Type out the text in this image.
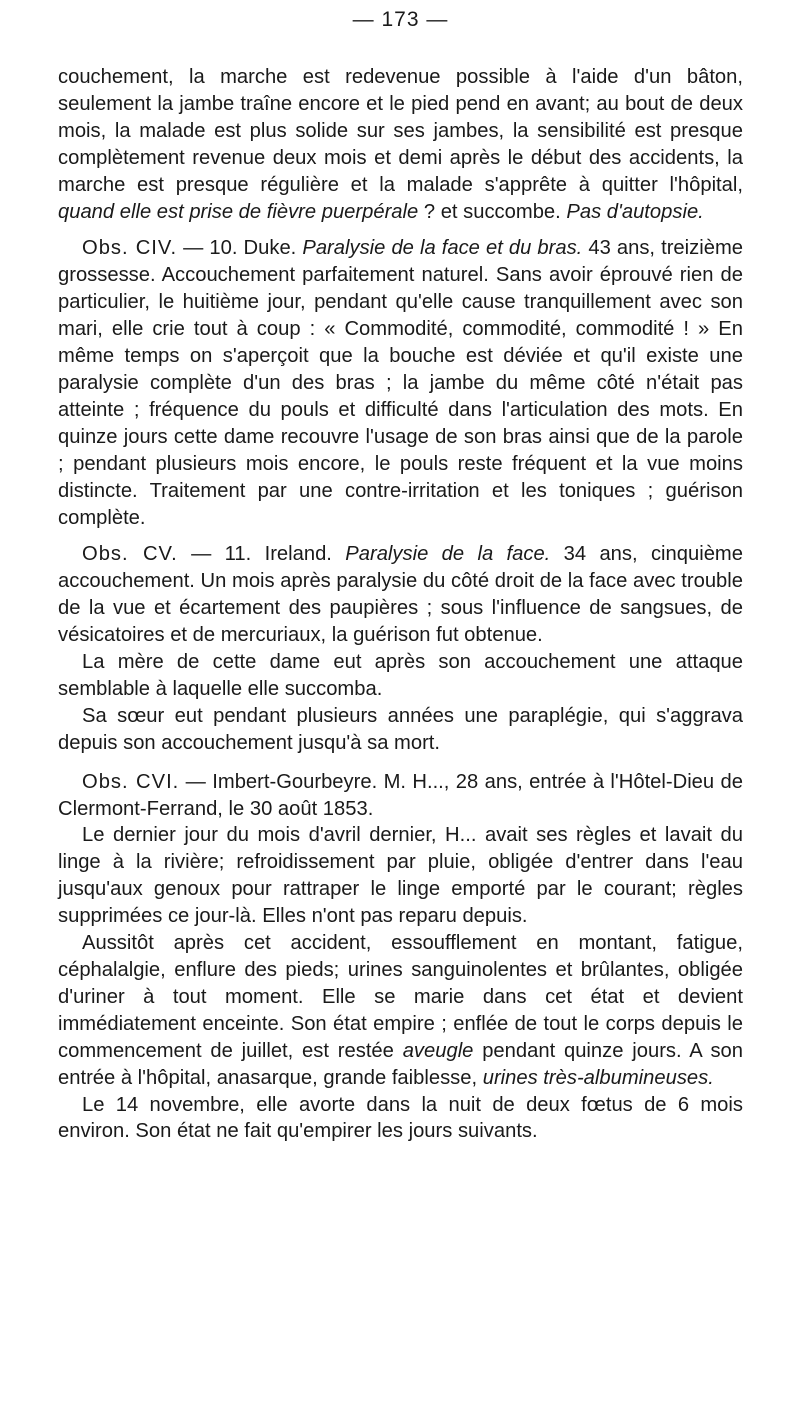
— 173 —

couchement, la marche est redevenue possible à l'aide d'un bâton, seulement la jambe traîne encore et le pied pend en avant; au bout de deux mois, la malade est plus solide sur ses jambes, la sensibilité est presque complètement revenue deux mois et demi après le début des accidents, la marche est presque régulière et la malade s'apprête à quitter l'hôpital, quand elle est prise de fièvre puerpérale ? et succombe. Pas d'autopsie.

Obs. CIV. — 10. Duke. Paralysie de la face et du bras. 43 ans, treizième grossesse. Accouchement parfaitement naturel. Sans avoir éprouvé rien de particulier, le huitième jour, pendant qu'elle cause tranquillement avec son mari, elle crie tout à coup : « Commodité, commodité, commodité ! » En même temps on s'aperçoit que la bouche est déviée et qu'il existe une paralysie complète d'un des bras ; la jambe du même côté n'était pas atteinte ; fréquence du pouls et difficulté dans l'articulation des mots. En quinze jours cette dame recouvre l'usage de son bras ainsi que de la parole ; pendant plusieurs mois encore, le pouls reste fréquent et la vue moins distincte. Traitement par une contre-irritation et les toniques ; guérison complète.

Obs. CV. — 11. Ireland. Paralysie de la face. 34 ans, cinquième accouchement. Un mois après paralysie du côté droit de la face avec trouble de la vue et écartement des paupières ; sous l'influence de sangsues, de vésicatoires et de mercuriaux, la guérison fut obtenue.

La mère de cette dame eut après son accouchement une attaque semblable à laquelle elle succomba.

Sa sœur eut pendant plusieurs années une paraplégie, qui s'aggrava depuis son accouchement jusqu'à sa mort.

Obs. CVI. — Imbert-Gourbeyre. M. H..., 28 ans, entrée à l'Hôtel-Dieu de Clermont-Ferrand, le 30 août 1853.

Le dernier jour du mois d'avril dernier, H... avait ses règles et lavait du linge à la rivière; refroidissement par pluie, obligée d'entrer dans l'eau jusqu'aux genoux pour rattraper le linge emporté par le courant; règles supprimées ce jour-là. Elles n'ont pas reparu depuis.

Aussitôt après cet accident, essoufflement en montant, fatigue, céphalalgie, enflure des pieds; urines sanguinolentes et brûlantes, obligée d'uriner à tout moment. Elle se marie dans cet état et devient immédiatement enceinte. Son état empire ; enflée de tout le corps depuis le commencement de juillet, est restée aveugle pendant quinze jours. A son entrée à l'hôpital, anasarque, grande faiblesse, urines très-albumineuses.

Le 14 novembre, elle avorte dans la nuit de deux fœtus de 6 mois environ. Son état ne fait qu'empirer les jours suivants.
